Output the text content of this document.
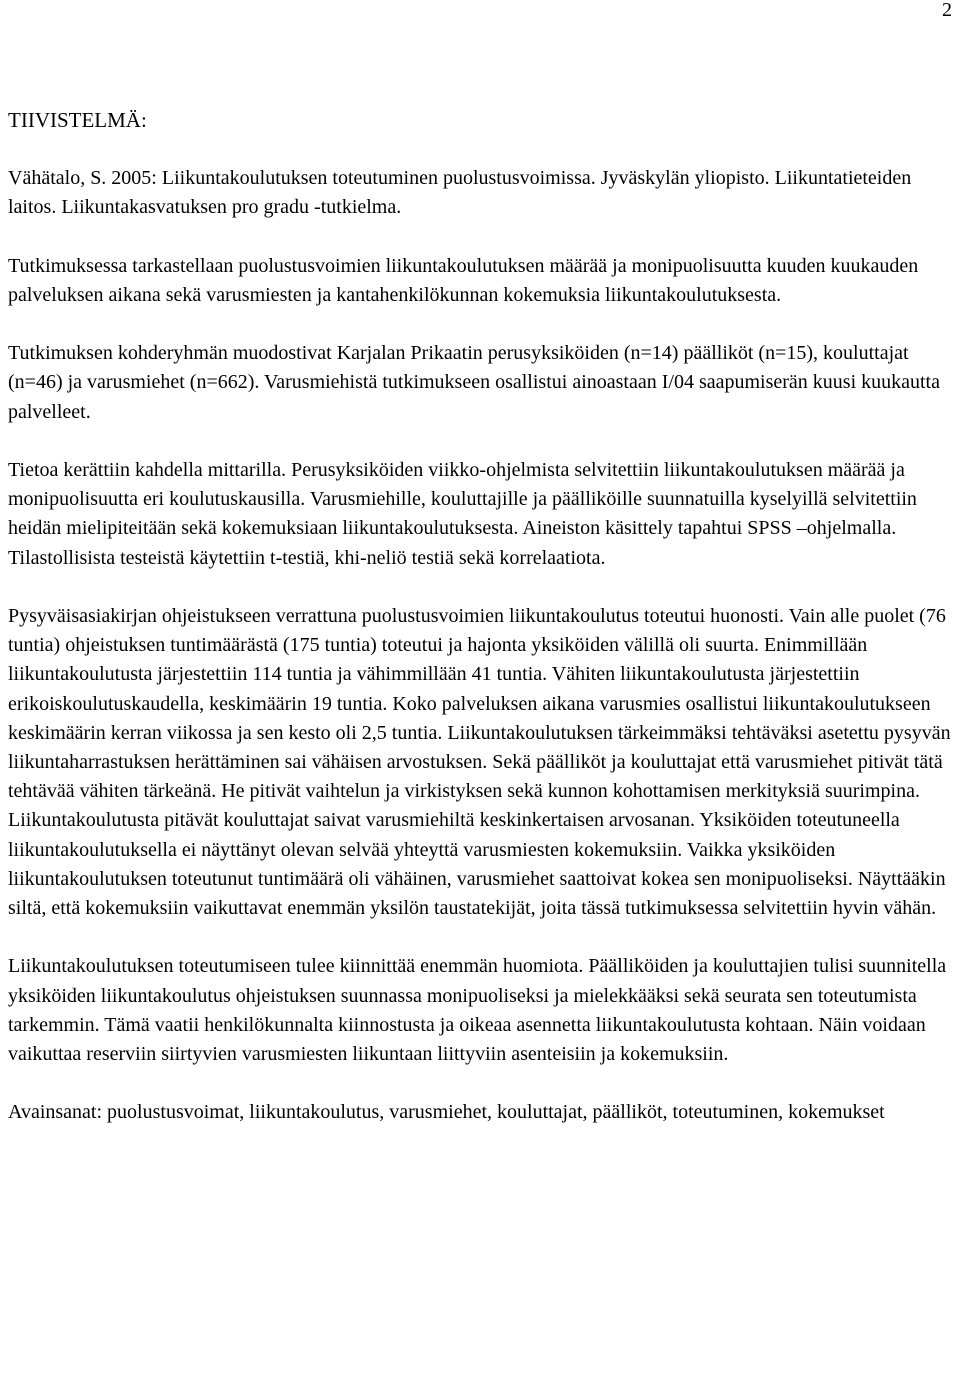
2
TIIVISTELMÄ:

Vähätalo, S. 2005: Liikuntakoulutuksen toteutuminen puolustusvoimissa. Jyväskylän yliopisto. Liikuntatieteiden laitos. Liikuntakasvatuksen pro gradu -tutkielma.

Tutkimuksessa tarkastellaan puolustusvoimien liikuntakoulutuksen määrää ja monipuolisuutta kuuden kuukauden palveluksen aikana sekä varusmiesten ja kantahenkilökunnan kokemuksia liikuntakoulutuksesta.

Tutkimuksen kohderyhmän muodostivat Karjalan Prikaatin perusyksiköiden (n=14) päälliköt (n=15), kouluttajat (n=46) ja varusmiehet (n=662). Varusmiehistä tutkimukseen osallistui ainoastaan I/04 saapumiserän kuusi kuukautta palvelleet.

Tietoa kerättiin kahdella mittarilla. Perusyksiköiden viikko-ohjelmista selvitettiin liikuntakoulutuksen määrää ja monipuolisuutta eri koulutuskausilla. Varusmiehille, kouluttajille ja päälliköille suunnatuilla kyselyillä selvitettiin heidän mielipiteitään sekä kokemuksiaan liikuntakoulutuksesta. Aineiston käsittely tapahtui SPSS –ohjelmalla. Tilastollisista testeistä käytettiin t-testiä, khi-neliö testiä sekä korrelaatiota.

Pysyväisasiakirjan ohjeistukseen verrattuna puolustusvoimien liikuntakoulutus toteutui huonosti. Vain alle puolet (76 tuntia) ohjeistuksen tuntimäärästä (175 tuntia) toteutui ja hajonta yksiköiden välillä oli suurta. Enimmillään liikuntakoulutusta järjestettiin 114 tuntia ja vähimmillään 41 tuntia. Vähiten liikuntakoulutusta järjestettiin erikoiskoulutuskaudella, keskimäärin 19 tuntia. Koko palveluksen aikana varusmies osallistui liikuntakoulutukseen keskimäärin kerran viikossa ja sen kesto oli 2,5 tuntia. Liikuntakoulutuksen tärkeimmäksi tehtäväksi asetettu pysyvän liikuntaharrastuksen herättäminen sai vähäisen arvostuksen. Sekä päälliköt ja kouluttajat että varusmiehet pitivät tätä tehtävää vähiten tärkeänä. He pitivät vaihtelun ja virkistyksen sekä kunnon kohottamisen merkityksiä suurimpina. Liikuntakoulutusta pitävät kouluttajat saivat varusmiehiltä keskinkertaisen arvosanan. Yksiköiden toteutuneella liikuntakoulutuksella ei näyttänyt olevan selvää yhteyttä varusmiesten kokemuksiin. Vaikka yksiköiden liikuntakoulutuksen toteutunut tuntimäärä oli vähäinen, varusmiehet saattoivat kokea sen monipuoliseksi. Näyttääkin siltä, että kokemuksiin vaikuttavat enemmän yksilön taustatekijät, joita tässä tutkimuksessa selvitettiin hyvin vähän.

Liikuntakoulutuksen toteutumiseen tulee kiinnittää enemmän huomiota. Päälliköiden ja kouluttajien tulisi suunnitella yksiköiden liikuntakoulutus ohjeistuksen suunnassa monipuoliseksi ja mielekkääksi sekä seurata sen toteutumista tarkemmin. Tämä vaatii henkilökunnalta kiinnostusta ja oikeaa asennetta liikuntakoulutusta kohtaan. Näin voidaan vaikuttaa reserviin siirtyvien varusmiesten liikuntaan liittyviin asenteisiin ja kokemuksiin.

Avainsanat: puolustusvoimat, liikuntakoulutus, varusmiehet, kouluttajat, päälliköt, toteutuminen, kokemukset
